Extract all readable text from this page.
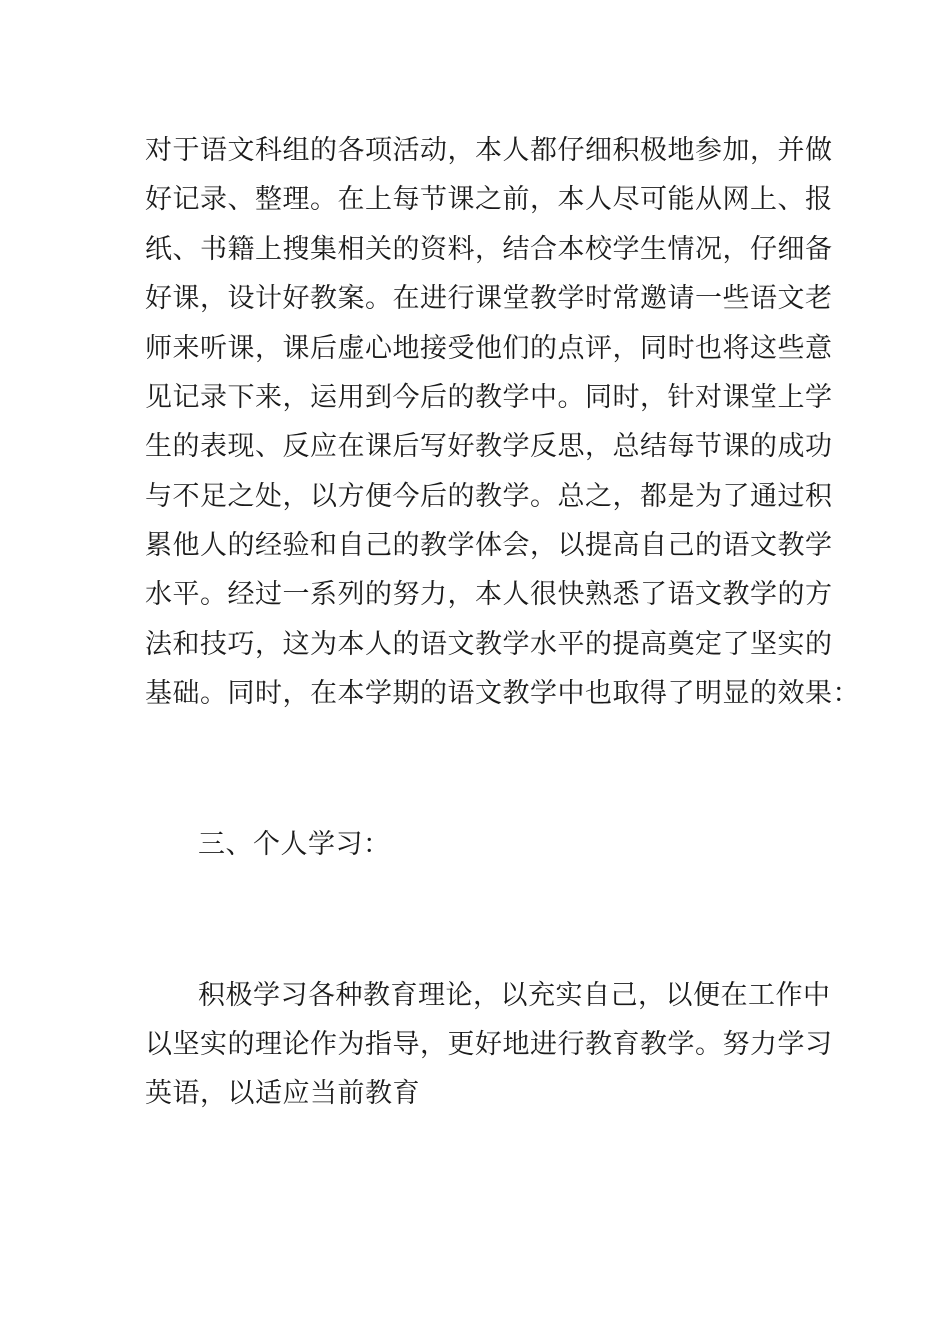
对于语文科组的各项活动，本人都仔细积极地参加，并做
好记录、整理。在上每节课之前，本人尽可能从网上、报
纸、书籍上搜集相关的资料，结合本校学生情况，仔细备
好课，设计好教案。在进行课堂教学时常邀请一些语文老
师来听课，课后虚心地接受他们的点评，同时也将这些意
见记录下来，运用到今后的教学中。同时，针对课堂上学
生的表现、反应在课后写好教学反思，总结每节课的成功
与不足之处，以方便今后的教学。总之，都是为了通过积
累他人的经验和自己的教学体会，以提高自己的语文教学
水平。经过一系列的努力，本人很快熟悉了语文教学的方
法和技巧，这为本人的语文教学水平的提高奠定了坚实的
基础。同时，在本学期的语文教学中也取得了明显的效果：
三、个人学习：
积极学习各种教育理论，以充实自己，以便在工作中
以坚实的理论作为指导，更好地进行教育教学。努力学习
英语，以适应当前教育
